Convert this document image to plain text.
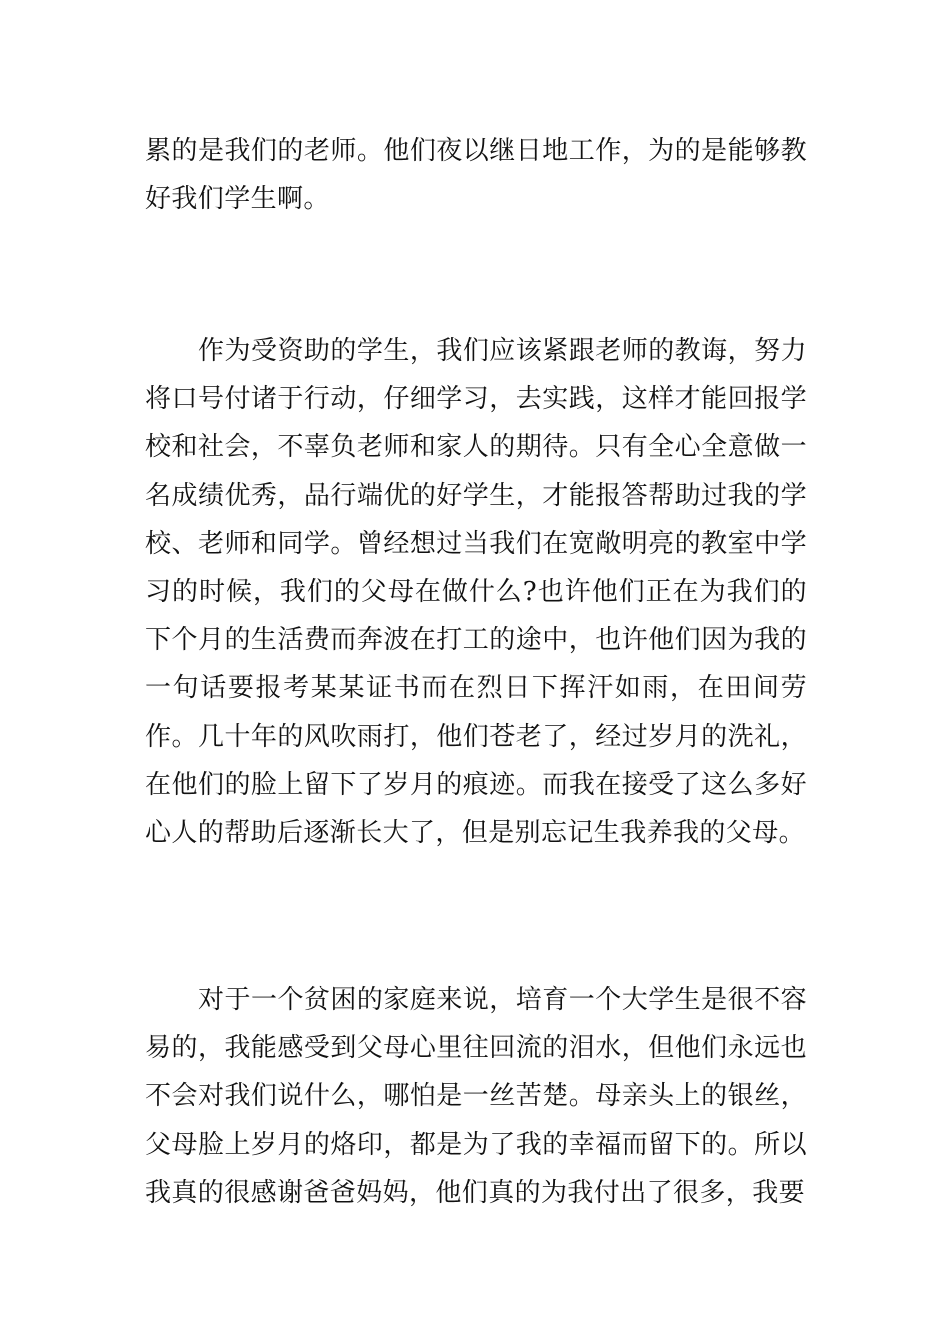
累的是我们的老师。他们夜以继日地工作，为的是能够教好我们学生啊。

作为受资助的学生，我们应该紧跟老师的教诲，努力将口号付诸于行动，仔细学习，去实践，这样才能回报学校和社会，不辜负老师和家人的期待。只有全心全意做一名成绩优秀，品行端优的好学生，才能报答帮助过我的学校、老师和同学。曾经想过当我们在宽敞明亮的教室中学习的时候，我们的父母在做什么?也许他们正在为我们的下个月的生活费而奔波在打工的途中，也许他们因为我的一句话要报考某某证书而在烈日下挥汗如雨，在田间劳作。几十年的风吹雨打，他们苍老了，经过岁月的洗礼，在他们的脸上留下了岁月的痕迹。而我在接受了这么多好心人的帮助后逐渐长大了，但是别忘记生我养我的父母。

对于一个贫困的家庭来说，培育一个大学生是很不容易的，我能感受到父母心里往回流的泪水，但他们永远也不会对我们说什么，哪怕是一丝苦楚。母亲头上的银丝，父母脸上岁月的烙印，都是为了我的幸福而留下的。所以我真的很感谢爸爸妈妈，他们真的为我付出了很多，我要
